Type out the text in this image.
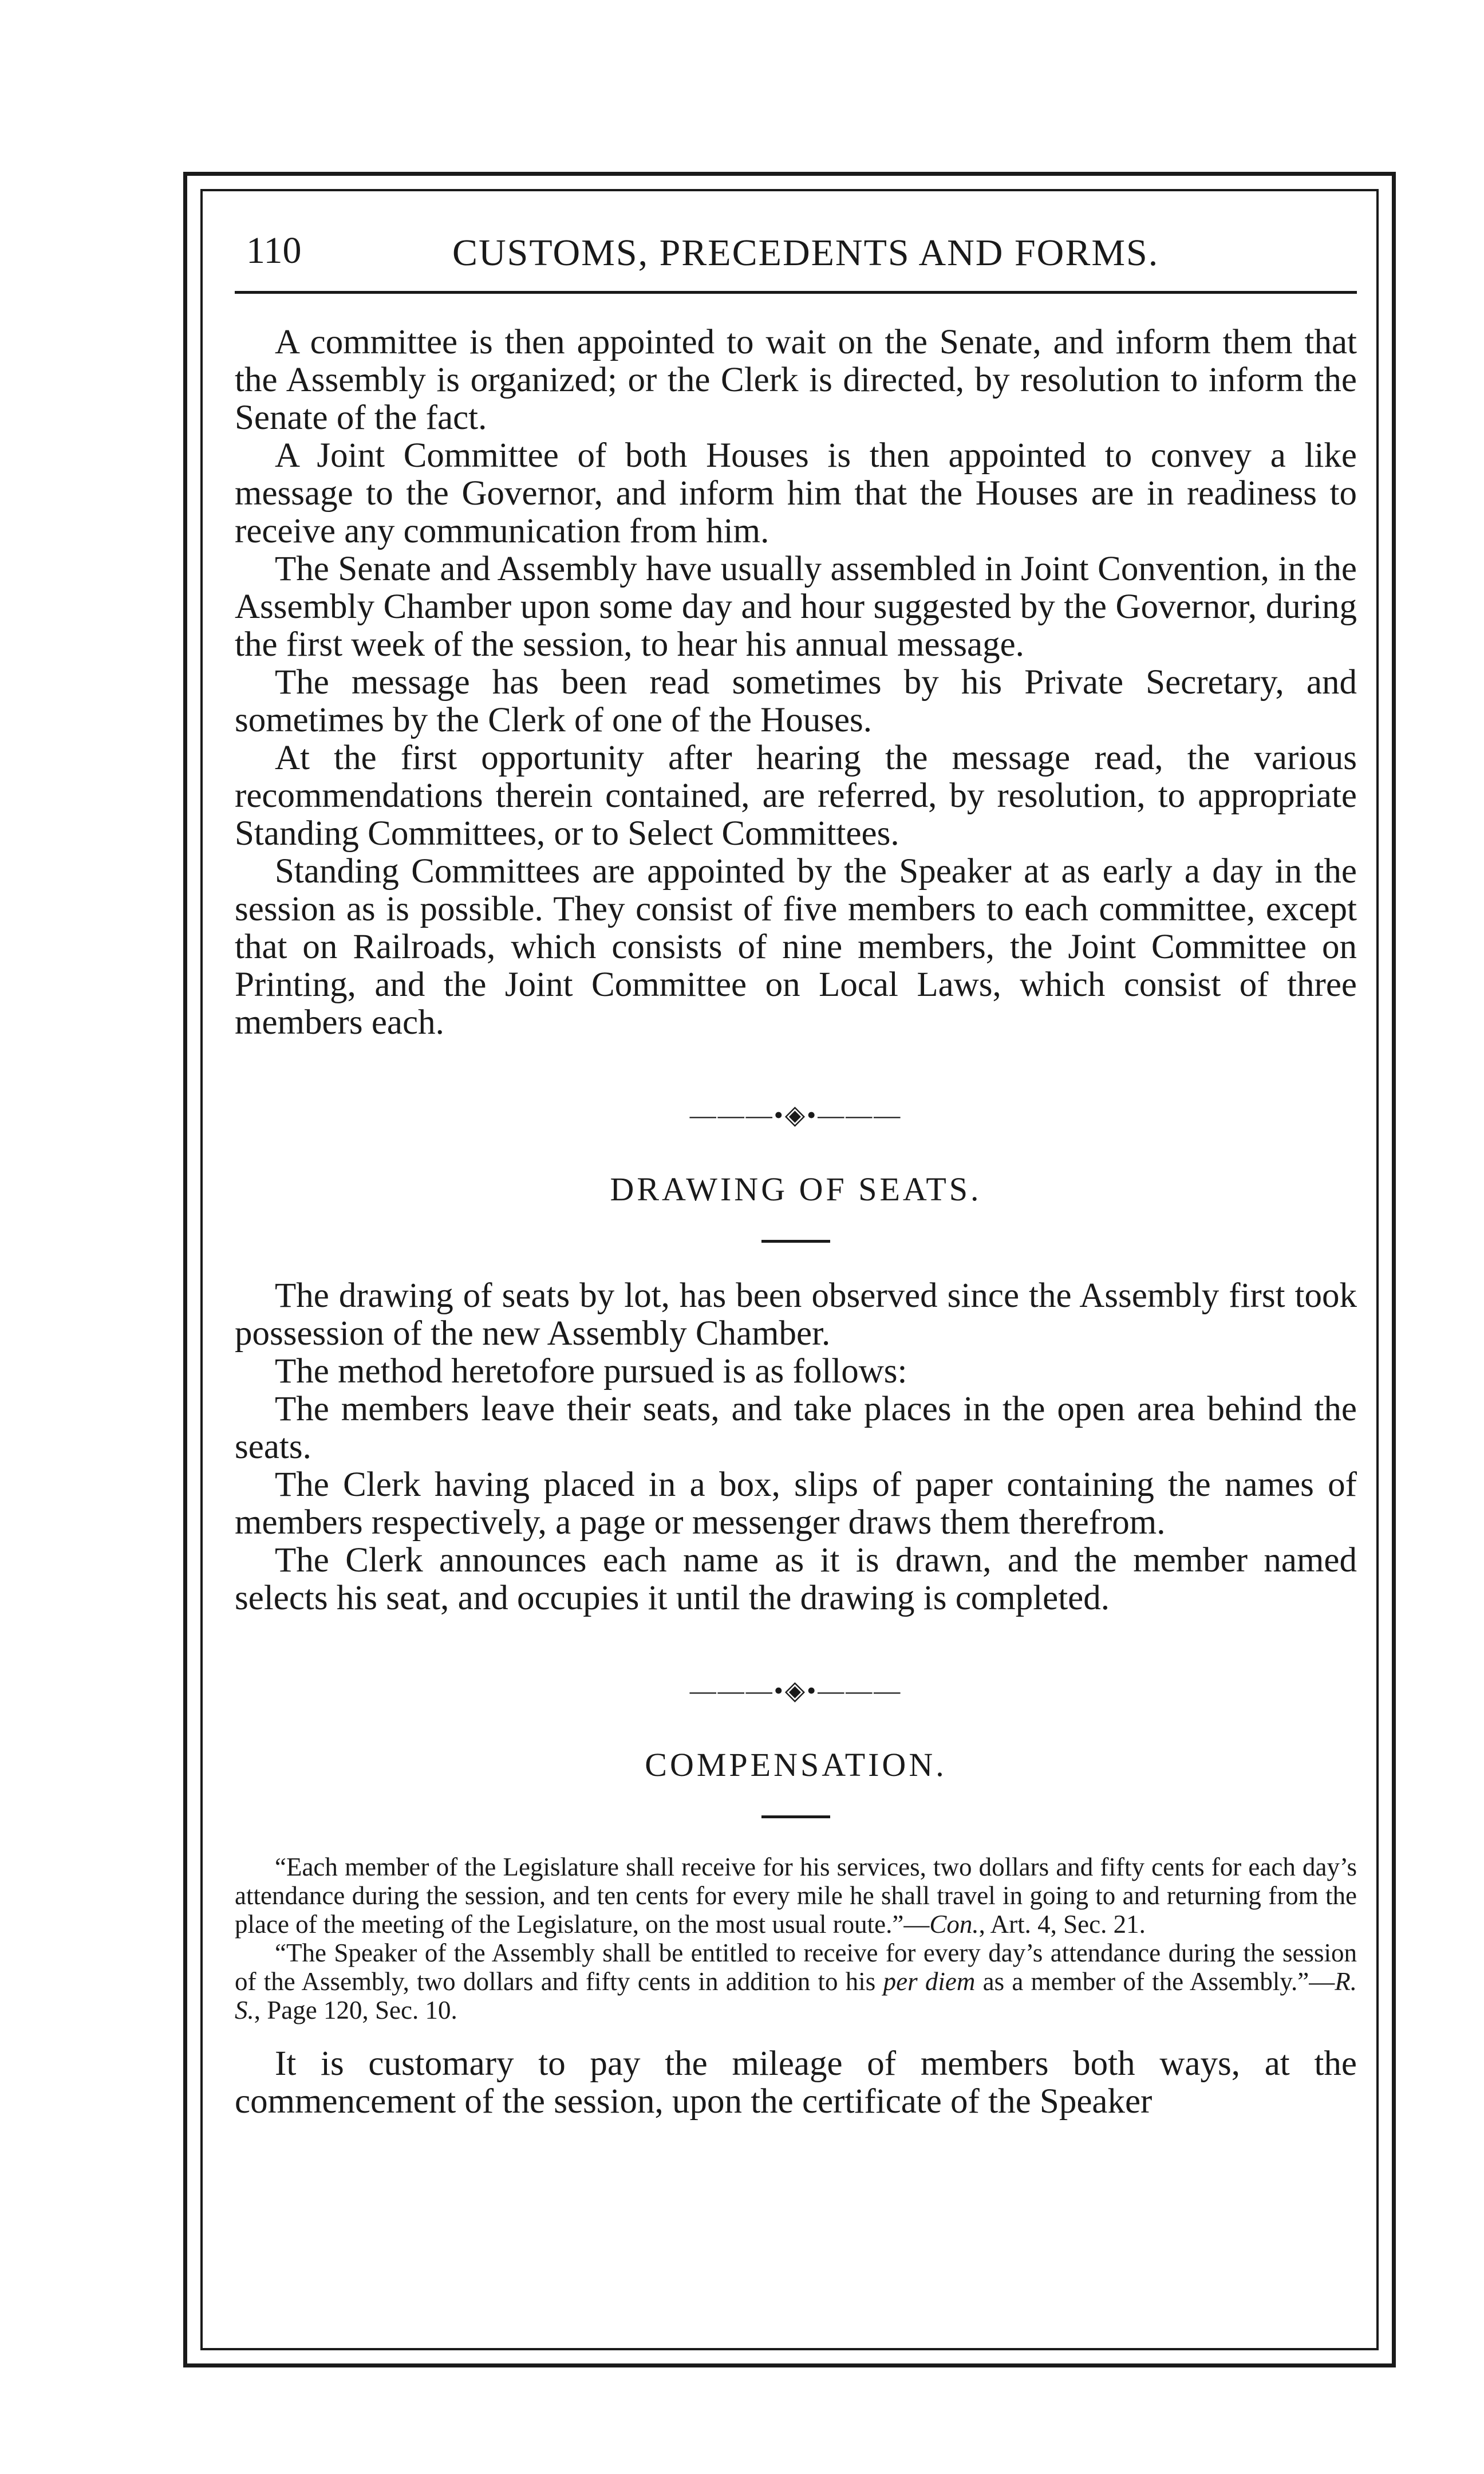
110	CUSTOMS, PRECEDENTS AND FORMS.

A committee is then appointed to wait on the Senate, and inform them that the Assembly is organized; or the Clerk is directed, by resolution to inform the Senate of the fact.

A Joint Committee of both Houses is then appointed to convey a like message to the Governor, and inform him that the Houses are in readiness to receive any communication from him.

The Senate and Assembly have usually assembled in Joint Convention, in the Assembly Chamber upon some day and hour suggested by the Governor, during the first week of the session, to hear his annual message.

The message has been read sometimes by his Private Secretary, and sometimes by the Clerk of one of the Houses.

At the first opportunity after hearing the message read, the various recommendations therein contained, are referred, by resolution, to appropriate Standing Committees, or to Select Committees.

Standing Committees are appointed by the Speaker at as early a day in the session as is possible. They consist of five members to each committee, except that on Railroads, which consists of nine members, the Joint Committee on Printing, and the Joint Committee on Local Laws, which consist of three members each.

———•◈•———
DRAWING OF SEATS.

The drawing of seats by lot, has been observed since the Assembly first took possession of the new Assembly Chamber.

The method heretofore pursued is as follows:

The members leave their seats, and take places in the open area behind the seats.

The Clerk having placed in a box, slips of paper containing the names of members respectively, a page or messenger draws them therefrom.

The Clerk announces each name as it is drawn, and the member named selects his seat, and occupies it until the drawing is completed.

———•◈•———
COMPENSATION.

“Each member of the Legislature shall receive for his services, two dollars and fifty cents for each day’s attendance during the session, and ten cents for every mile he shall travel in going to and returning from the place of the meeting of the Legislature, on the most usual route.”—Con., Art. 4, Sec. 21.

“The Speaker of the Assembly shall be entitled to receive for every day’s attendance during the session of the Assembly, two dollars and fifty cents in addition to his per diem as a member of the Assembly.”—R. S., Page 120, Sec. 10.

It is customary to pay the mileage of members both ways, at the commencement of the session, upon the certificate of the Speaker
